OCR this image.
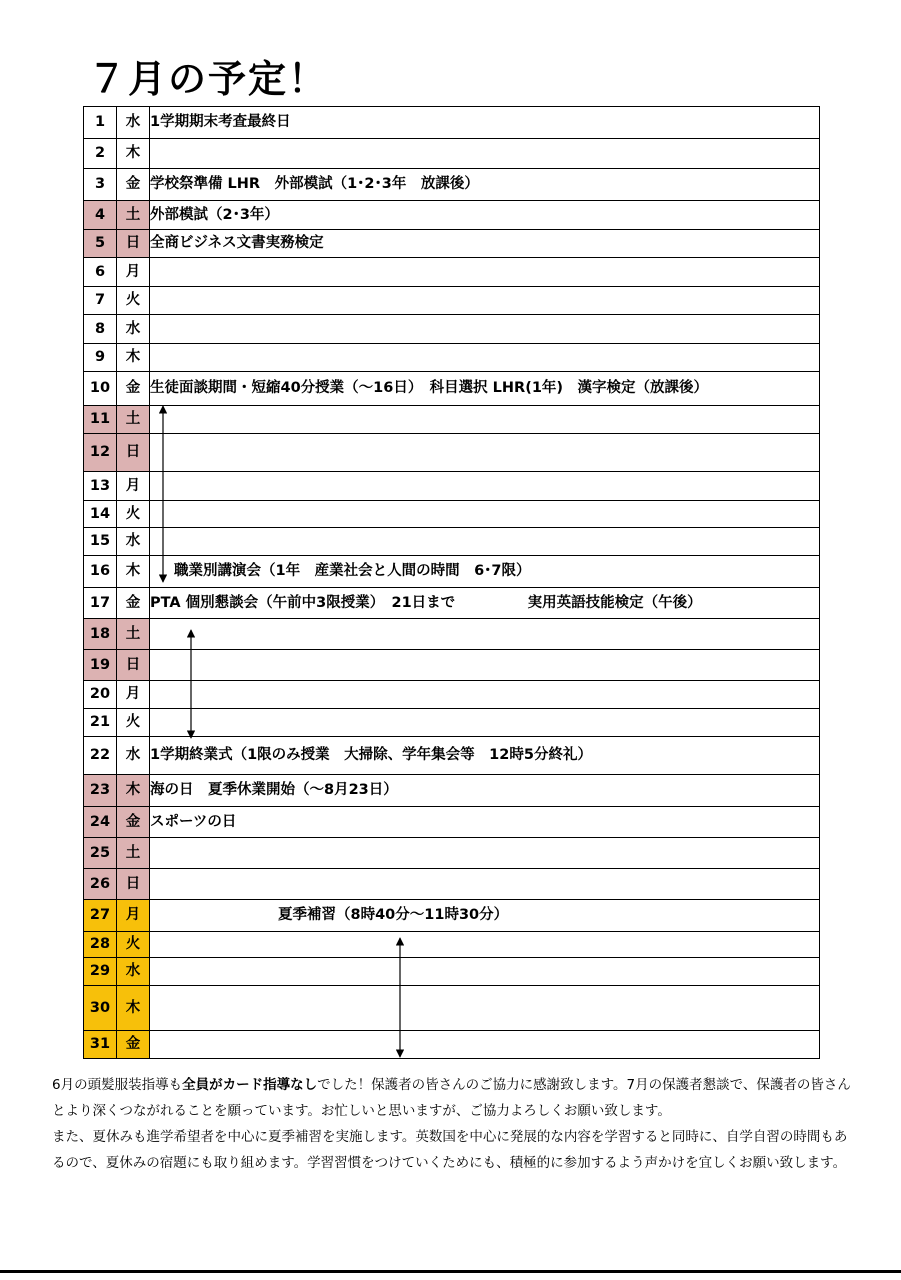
７月の予定！
1	水	1学期期末考査最終日
2	木	
3	金	学校祭準備 LHR　外部模試（1･2･3年　放課後）
4	土	外部模試（2･3年）
5	日	全商ビジネス文書実務検定
6	月	
7	火	
8	水	
9	木	
10	金	生徒面談期間・短縮40分授業（～16日）　科目選択 LHR(1年)　漢字検定（放課後）
11	土	
12	日	
13	月	
14	火	
15	水	
16	木	職業別講演会（1年　産業社会と人間の時間　6･7限）
17	金	PTA 個別懇談会（午前中3限授業）　21日まで　　　　　実用英語技能検定（午後）
18	土	
19	日	
20	月	
21	火	
22	水	1学期終業式（1限のみ授業　大掃除、学年集会等　12時5分終礼）
23	木	海の日　夏季休業開始（～8月23日）
24	金	スポーツの日
25	土	
26	日	
27	月	夏季補習（8時40分～11時30分）
28	火	
29	水	
30	木	
31	金	

6月の頭髪服装指導も全員がカード指導なしでした！保護者の皆さんのご協力に感謝致します。7月の保護者懇談で、保護者の皆さんとより深くつながれることを願っています。お忙しいと思いますが、ご協力よろしくお願い致します。

また、夏休みも進学希望者を中心に夏季補習を実施します。英数国を中心に発展的な内容を学習すると同時に、自学自習の時間もあるので、夏休みの宿題にも取り組めます。学習習慣をつけていくためにも、積極的に参加するよう声かけを宜しくお願い致します。
